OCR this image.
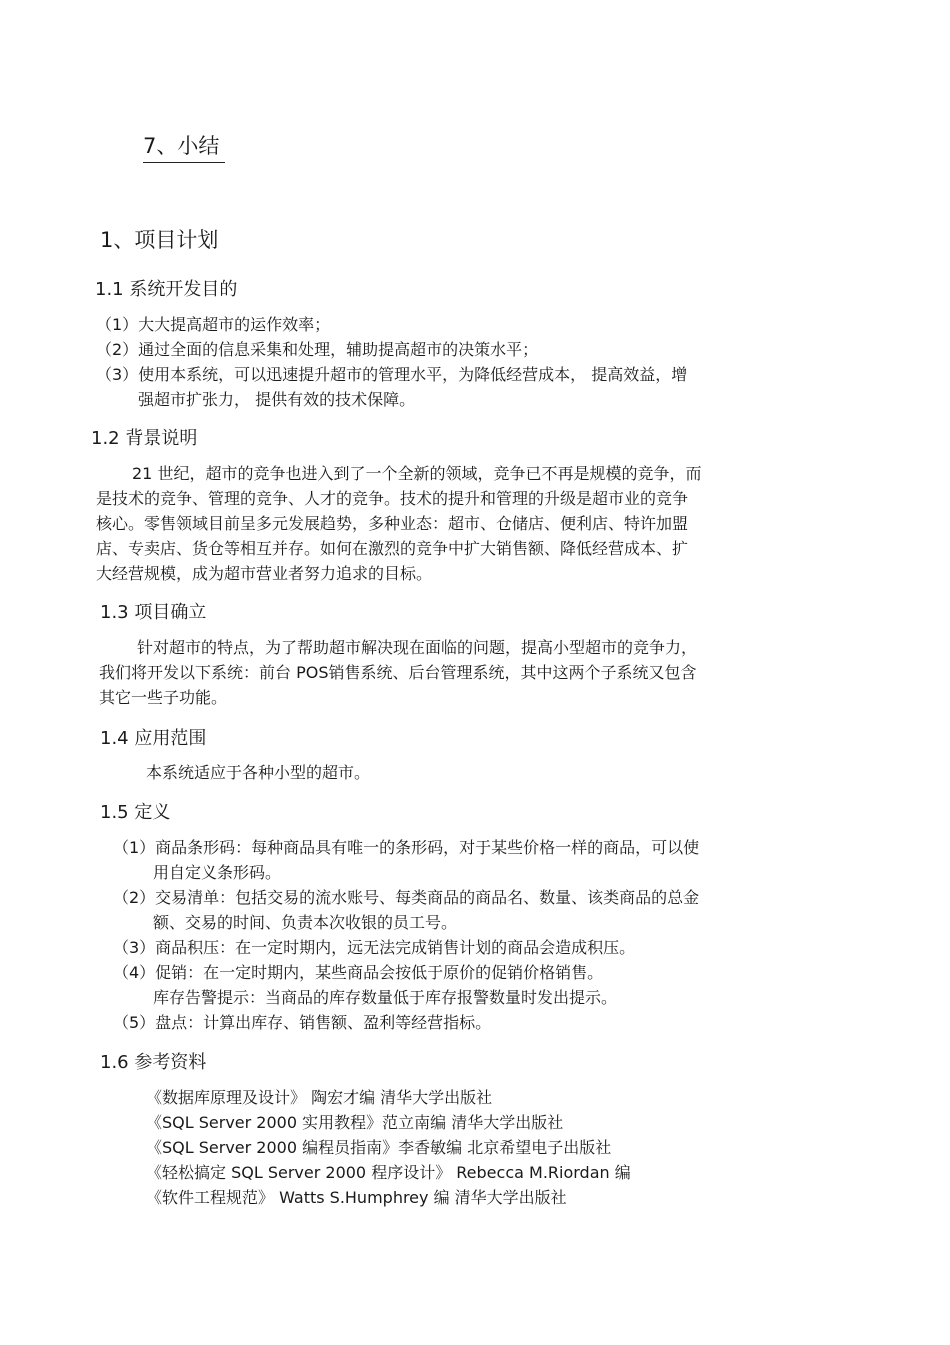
7、小结
1、项目计划
1.1 系统开发目的
（1）大大提高超市的运作效率；
（2）通过全面的信息采集和处理，辅助提高超市的决策水平；
（3）使用本系统，可以迅速提升超市的管理水平，为降低经营成本， 提高效益，增
强超市扩张力， 提供有效的技术保障。
1.2 背景说明
21 世纪，超市的竞争也进入到了一个全新的领域，竞争已不再是规模的竞争，而
是技术的竞争、管理的竞争、人才的竞争。技术的提升和管理的升级是超市业的竞争
核心。零售领域目前呈多元发展趋势，多种业态：超市、仓储店、便利店、特许加盟
店、专卖店、货仓等相互并存。如何在激烈的竞争中扩大销售额、降低经营成本、扩
大经营规模，成为超市营业者努力追求的目标。
1.3 项目确立
针对超市的特点，为了帮助超市解决现在面临的问题，提高小型超市的竞争力，
我们将开发以下系统：前台 POS销售系统、后台管理系统，其中这两个子系统又包含
其它一些子功能。
1.4 应用范围
本系统适应于各种小型的超市。
1.5 定义
（1）商品条形码：每种商品具有唯一的条形码，对于某些价格一样的商品，可以使
用自定义条形码。
（2）交易清单：包括交易的流水账号、每类商品的商品名、数量、该类商品的总金
额、交易的时间、负责本次收银的员工号。
（3）商品积压：在一定时期内，远无法完成销售计划的商品会造成积压。
（4）促销：在一定时期内，某些商品会按低于原价的促销价格销售。
库存告警提示：当商品的库存数量低于库存报警数量时发出提示。
（5）盘点：计算出库存、销售额、盈利等经营指标。
1.6 参考资料
《数据库原理及设计》 陶宏才编 清华大学出版社
《SQL Server 2000 实用教程》范立南编 清华大学出版社
《SQL Server 2000 编程员指南》李香敏编 北京希望电子出版社
《轻松搞定 SQL Server 2000 程序设计》 Rebecca M.Riordan 编
《软件工程规范》 Watts S.Humphrey 编 清华大学出版社
